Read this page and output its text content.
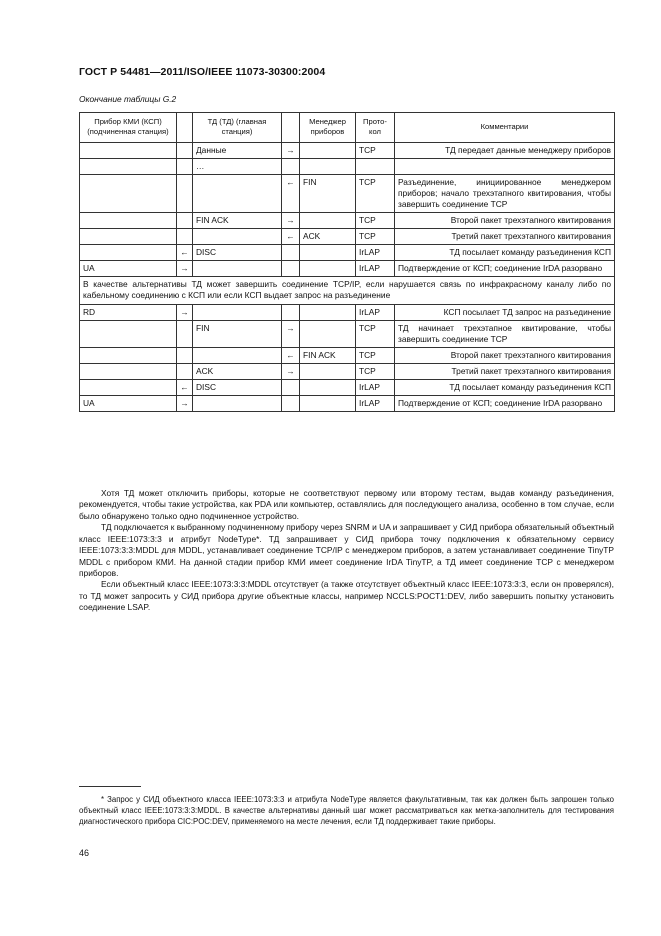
ГОСТ Р 54481—2011/ISO/IEEE 11073-30300:2004
Окончание таблицы G.2
Прибор КМИ (КСП) (подчиненная станция)		ТД (ТД) (главная станция)		Менеджер приборов	Прото-кол	Комментарии
		Данные	→		TCP	ТД передает данные менеджеру приборов
		…				
			←	FIN	TCP	Разъединение, инициированное менеджером приборов; начало трехэтапного квитирования, чтобы завершить соединение TCP
		FIN ACK	→		TCP	Второй пакет трехэтапного квитирования
			←	ACK	TCP	Третий пакет трехэтапного квитирования
	←	DISC			IrLAP	ТД посылает команду разъединения КСП
UA	→				IrLAP	Подтверждение от КСП; соединение IrDA разорвано
В качестве альтернативы ТД может завершить соединение TCP/IP, если нарушается связь по инфракрасному каналу либо по кабельному соединению с КСП или если КСП выдает запрос на разъединение						
RD	→				IrLAP	КСП посылает ТД запрос на разъединение
		FIN	→		TCP	ТД начинает трехэтапное квитирование, чтобы завершить соединение TCP
			←	FIN ACK	TCP	Второй пакет трехэтапного квитирования
		ACK	→		TCP	Третий пакет трехэтапного квитирования
	←	DISC			IrLAP	ТД посылает команду разъединения КСП
UA	→				IrLAP	Подтверждение от КСП; соединение IrDA разорвано

Хотя ТД может отключить приборы, которые не соответствуют первому или второму тестам, выдав команду разъединения, рекомендуется, чтобы такие устройства, как PDA или компьютер, оставлялись для последующего анализа, особенно в том случае, если было обнаружено только одно подчиненное устройство.

ТД подключается к выбранному подчиненному прибору через SNRM и UA и запрашивает у СИД прибора обязательный объектный класс IEEE:1073:3:3 и атрибут NodeType*. ТД запрашивает у СИД прибора точку подключения к обязательному сервису IEEE:1073:3:3:MDDL для MDDL, устанавливает соединение TCP/IP с менеджером приборов, а затем устанавливает соединение TinyTP MDDL с прибором КМИ. На данной стадии прибор КМИ имеет соединение IrDA TinyTP, а ТД имеет соединение TCP с менеджером приборов.

Если объектный класс IEEE:1073:3:3:MDDL отсутствует (а также отсутствует объектный класс IEEE:1073:3:3, если он проверялся), то ТД может запросить у СИД прибора другие объектные классы, например NCCLS:POCT1:DEV, либо завершить попытку установить соединение LSAP.

* Запрос у СИД объектного класса IEEE:1073:3:3 и атрибута NodeType является факультативным, так как должен быть запрошен только объектный класс IEEE:1073:3:3:MDDL. В качестве альтернативы данный шаг может рассматриваться как метка-заполнитель для тестирования диагностического прибора CIC:POC:DEV, применяемого на месте лечения, если ТД поддерживает такие приборы.
46
